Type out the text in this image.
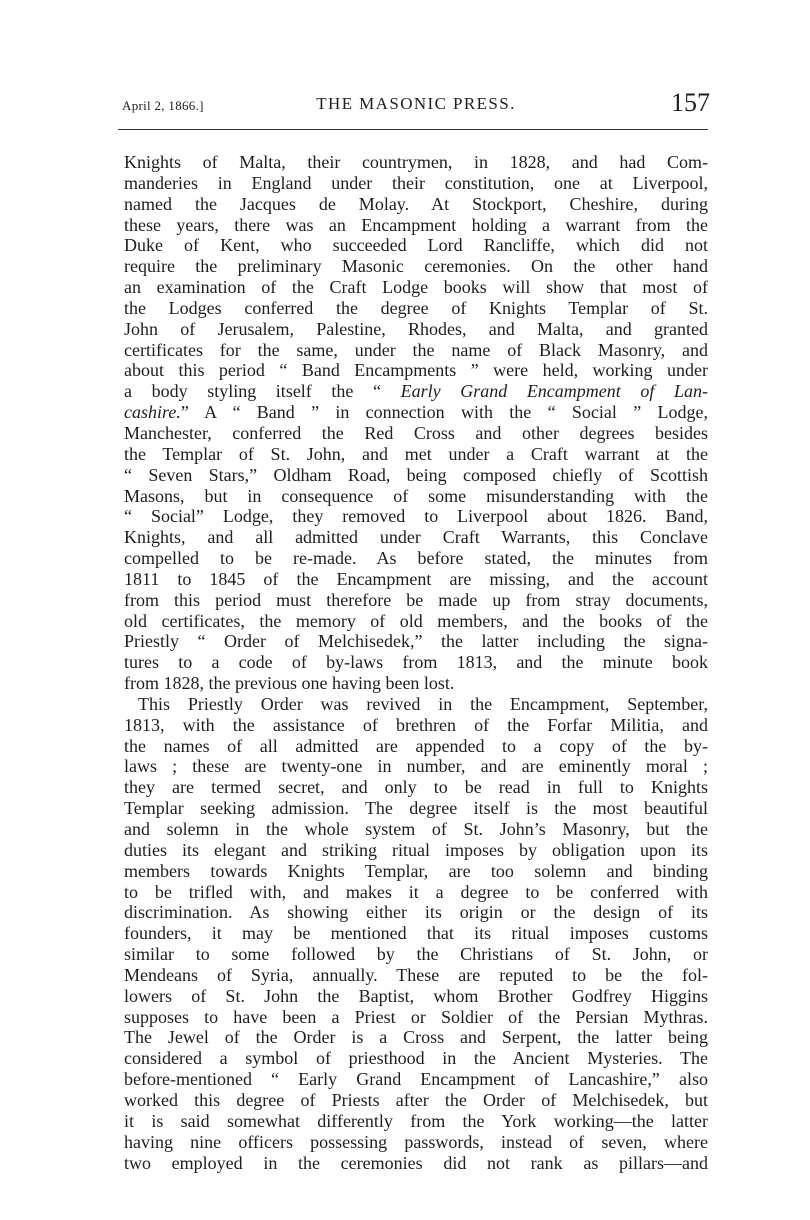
April 2, 1866.]	THE MASONIC PRESS.	157
Knights of Malta, their countrymen, in 1828, and had Com-
manderies in England under their constitution, one at Liverpool,
named the Jacques de Molay. At Stockport, Cheshire, during
these years, there was an Encampment holding a warrant from the
Duke of Kent, who succeeded Lord Rancliffe, which did not
require the preliminary Masonic ceremonies. On the other hand
an examination of the Craft Lodge books will show that most of
the Lodges conferred the degree of Knights Templar of St.
John of Jerusalem, Palestine, Rhodes, and Malta, and granted
certificates for the same, under the name of Black Masonry, and
about this period “ Band Encampments ” were held, working under
a body styling itself the “ Early Grand Encampment of Lan-
cashire.” A “ Band ” in connection with the “ Social ” Lodge,
Manchester, conferred the Red Cross and other degrees besides
the Templar of St. John, and met under a Craft warrant at the
“ Seven Stars,” Oldham Road, being composed chiefly of Scottish
Masons, but in consequence of some misunderstanding with the
“ Social” Lodge, they removed to Liverpool about 1826. Band,
Knights, and all admitted under Craft Warrants, this Conclave
compelled to be re-made. As before stated, the minutes from
1811 to 1845 of the Encampment are missing, and the account
from this period must therefore be made up from stray documents,
old certificates, the memory of old members, and the books of the
Priestly “ Order of Melchisedek,” the latter including the signa-
tures to a code of by-laws from 1813, and the minute book
from 1828, the previous one having been lost.
This Priestly Order was revived in the Encampment, September,
1813, with the assistance of brethren of the Forfar Militia, and
the names of all admitted are appended to a copy of the by-
laws ; these are twenty-one in number, and are eminently moral ;
they are termed secret, and only to be read in full to Knights
Templar seeking admission. The degree itself is the most beautiful
and solemn in the whole system of St. John’s Masonry, but the
duties its elegant and striking ritual imposes by obligation upon its
members towards Knights Templar, are too solemn and binding
to be trifled with, and makes it a degree to be conferred with
discrimination. As showing either its origin or the design of its
founders, it may be mentioned that its ritual imposes customs
similar to some followed by the Christians of St. John, or
Mendeans of Syria, annually. These are reputed to be the fol-
lowers of St. John the Baptist, whom Brother Godfrey Higgins
supposes to have been a Priest or Soldier of the Persian Mythras.
The Jewel of the Order is a Cross and Serpent, the latter being
considered a symbol of priesthood in the Ancient Mysteries. The
before-mentioned “ Early Grand Encampment of Lancashire,” also
worked this degree of Priests after the Order of Melchisedek, but
it is said somewhat differently from the York working—the latter
having nine officers possessing passwords, instead of seven, where
two employed in the ceremonies did not rank as pillars—and
